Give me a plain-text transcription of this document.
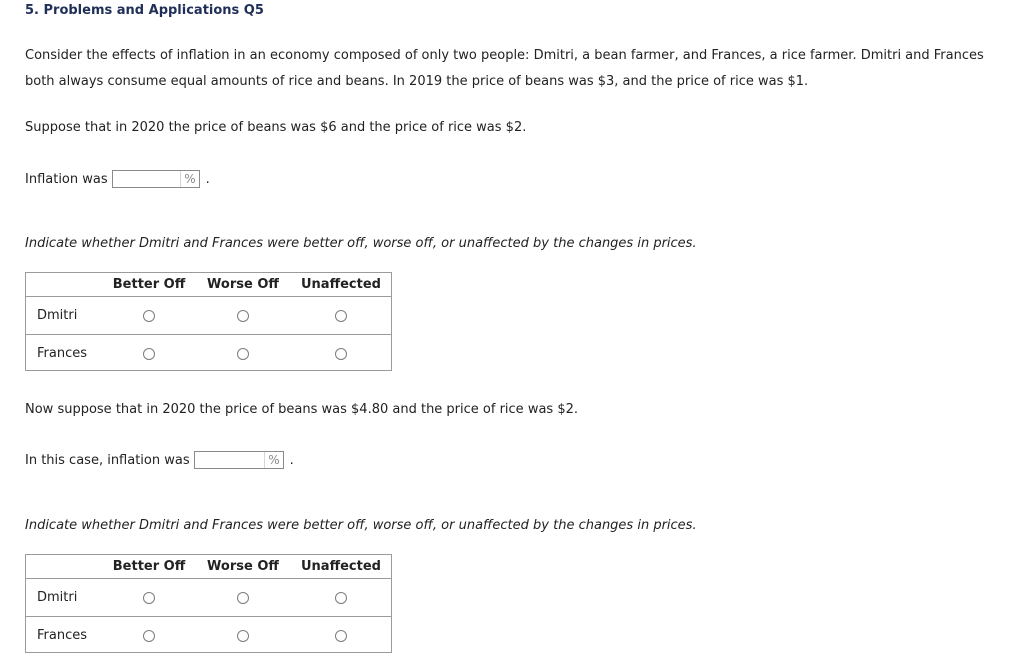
5. Problems and Applications Q5
Consider the effects of inflation in an economy composed of only two people: Dmitri, a bean farmer, and Frances, a rice farmer. Dmitri and Frances both always consume equal amounts of rice and beans. In 2019 the price of beans was $3, and the price of rice was $1.
Suppose that in 2020 the price of beans was $6 and the price of rice was $2.
Inflation was	% .
Indicate whether Dmitri and Frances were better off, worse off, or unaffected by the changes in prices.
Better Off	Worse Off	Unaffected
Dmitri
Frances
Now suppose that in 2020 the price of beans was $4.80 and the price of rice was $2.
In this case, inflation was	% .
Indicate whether Dmitri and Frances were better off, worse off, or unaffected by the changes in prices.
Better Off	Worse Off	Unaffected
Dmitri
Frances
